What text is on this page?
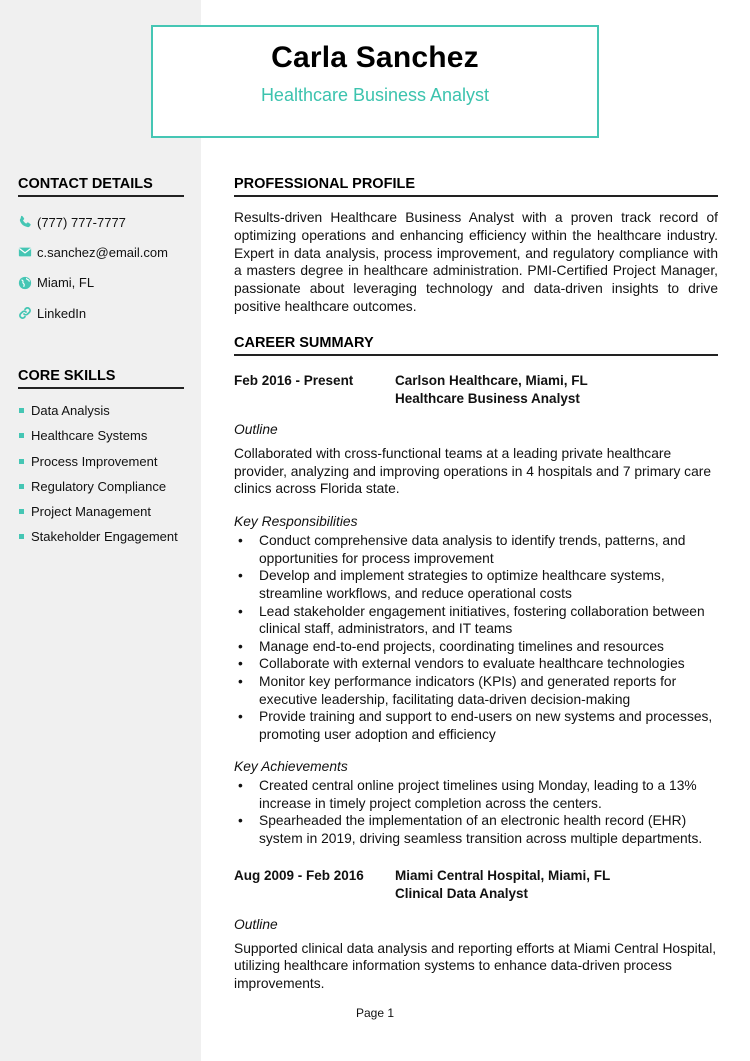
Carla Sanchez
Healthcare Business Analyst
CONTACT DETAILS
(777) 777-7777
c.sanchez@email.com
Miami, FL
LinkedIn
CORE SKILLS
Data Analysis
Healthcare Systems
Process Improvement
Regulatory Compliance
Project Management
Stakeholder Engagement
PROFESSIONAL PROFILE

Results-driven Healthcare Business Analyst with a proven track record of optimizing operations and enhancing efficiency within the healthcare industry. Expert in data analysis, process improvement, and regulatory compliance with a masters degree in healthcare administration. PMI-Certified Project Manager, passionate about leveraging technology and data-driven insights to drive positive healthcare outcomes.

CAREER SUMMARY
Feb 2016 - Present	Carlson Healthcare, Miami, FL
Healthcare Business Analyst
Outline

Collaborated with cross-functional teams at a leading private healthcare provider, analyzing and improving operations in 4 hospitals and 7 primary care clinics across Florida state.

Key Responsibilities
• Conduct comprehensive data analysis to identify trends, patterns, and opportunities for process improvement
• Develop and implement strategies to optimize healthcare systems, streamline workflows, and reduce operational costs
• Lead stakeholder engagement initiatives, fostering collaboration between clinical staff, administrators, and IT teams
• Manage end-to-end projects, coordinating timelines and resources
• Collaborate with external vendors to evaluate healthcare technologies
• Monitor key performance indicators (KPIs) and generated reports for executive leadership, facilitating data-driven decision-making
• Provide training and support to end-users on new systems and processes, promoting user adoption and efficiency
Key Achievements
• Created central online project timelines using Monday, leading to a 13% increase in timely project completion across the centers.
• Spearheaded the implementation of an electronic health record (EHR) system in 2019, driving seamless transition across multiple departments.
Aug 2009 - Feb 2016	Miami Central Hospital, Miami, FL
Clinical Data Analyst
Outline

Supported clinical data analysis and reporting efforts at Miami Central Hospital, utilizing healthcare information systems to enhance data-driven process improvements.

Page 1
